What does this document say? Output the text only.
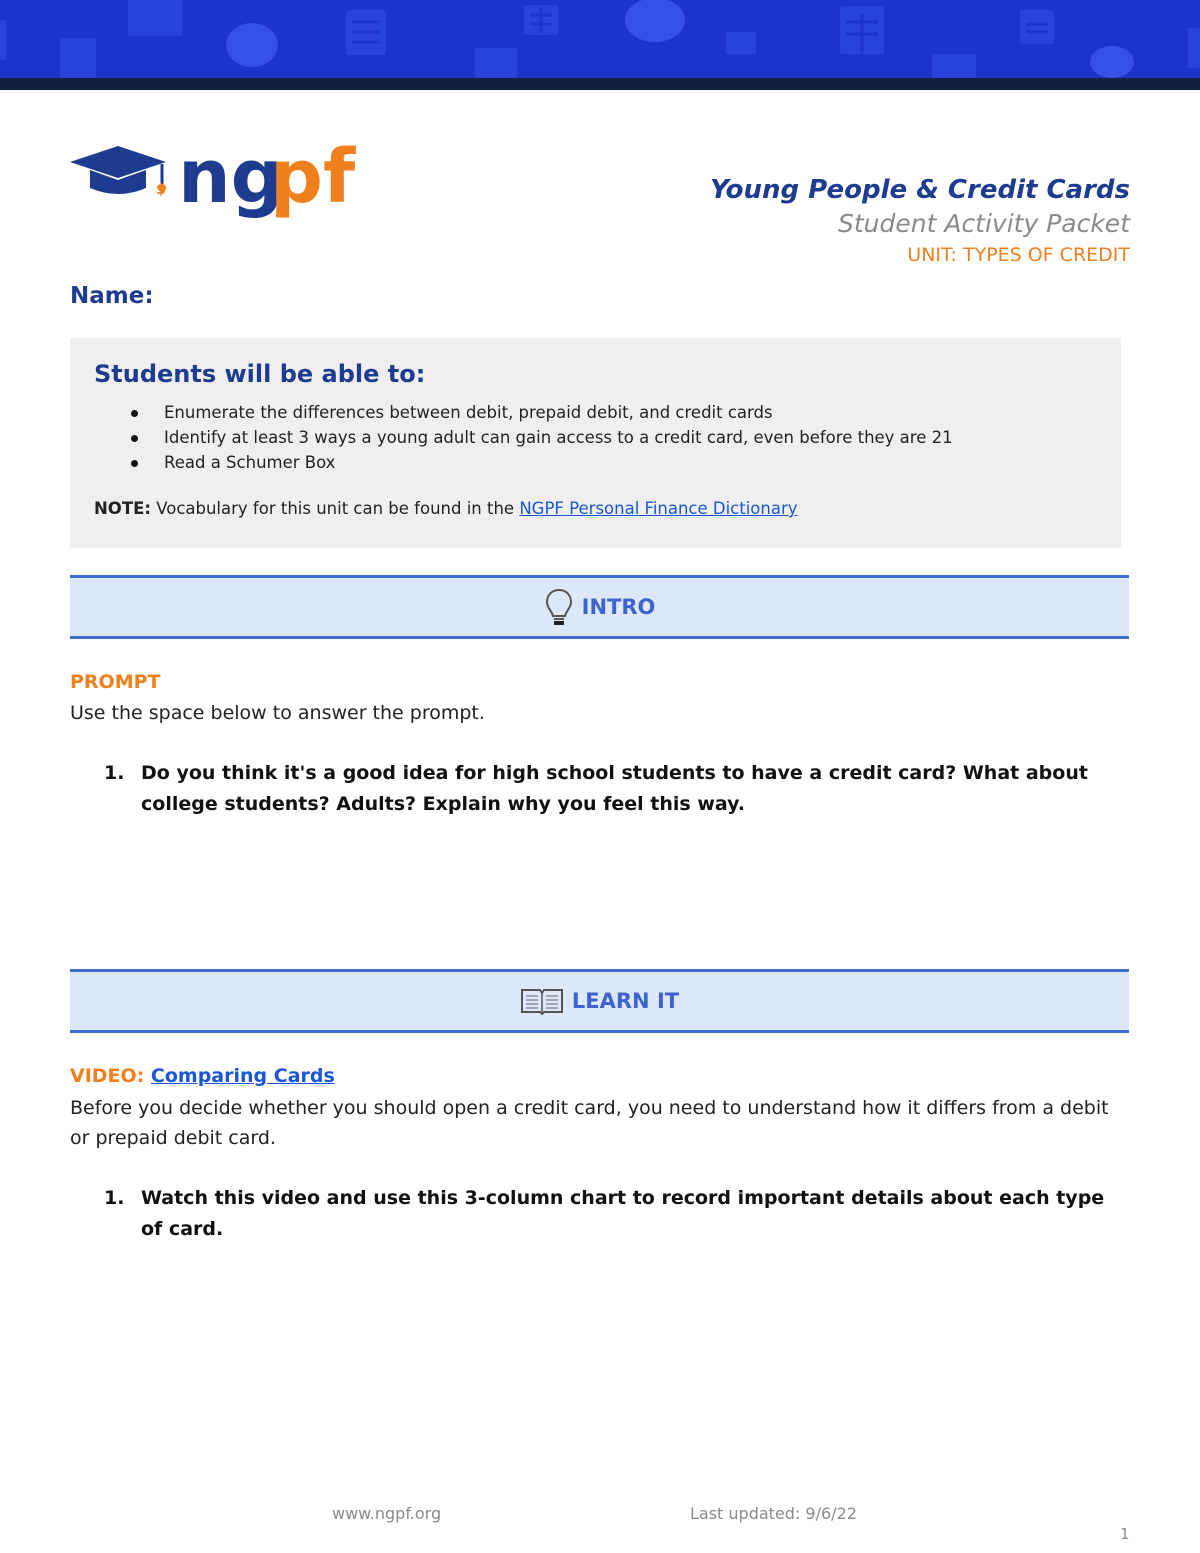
$ ng
pf	Young People & Credit Cards
Student Activity Packet
UNIT: TYPES OF CREDIT
Name:
Students will be able to:
Enumerate the differences between debit, prepaid debit, and credit cards
Identify at least 3 ways a young adult can gain access to a credit card, even before they are 21
Read a Schumer Box
NOTE: Vocabulary for this unit can be found in the NGPF Personal Finance Dictionary
INTRO
PROMPT
Use the space below to answer the prompt.
1. Do you think it's a good idea for high school students to have a credit card? What about college students? Adults? Explain why you feel this way.
LEARN IT
VIDEO: Comparing Cards
Before you decide whether you should open a credit card, you need to understand how it differs from a debit or prepaid debit card.
1. Watch this video and use this 3-column chart to record important details about each type of card.
www.ngpf.org	Last updated: 9/6/22
1
